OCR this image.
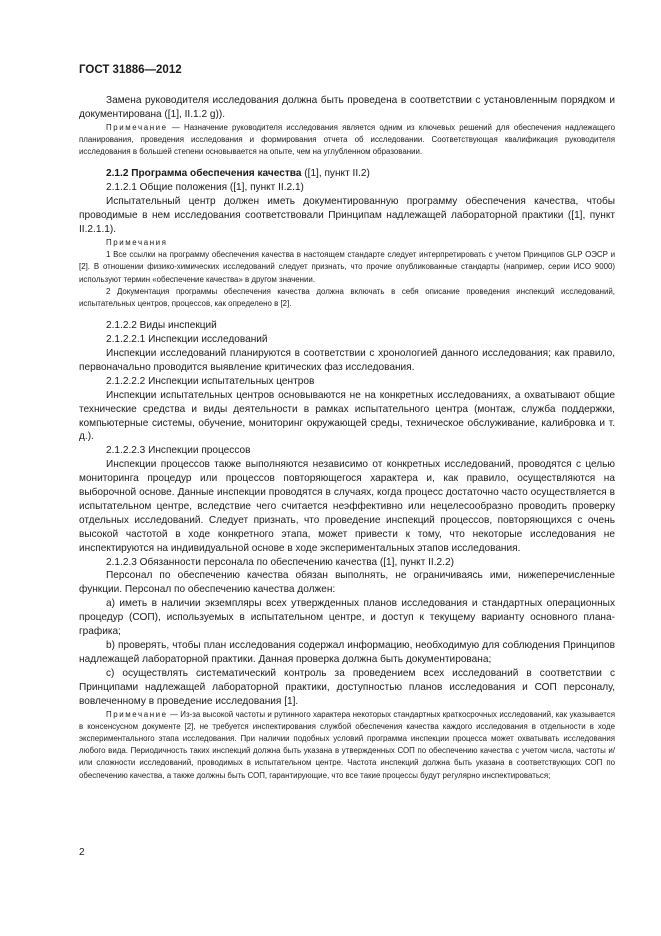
ГОСТ 31886—2012

Замена руководителя исследования должна быть проведена в соответствии с установленным порядком и документирована ([1], II.1.2 g)).

Примечание — Назначение руководителя исследования является одним из ключевых решений для обеспечения надлежащего планирования, проведения исследования и формирования отчета об исследовании. Соответствующая квалификация руководителя исследования в большей степени основывается на опыте, чем на углубленном образовании.

2.1.2 Программа обеспечения качества ([1], пункт II.2)

2.1.2.1 Общие положения ([1], пункт II.2.1)

Испытательный центр должен иметь документированную программу обеспечения качества, чтобы проводимые в нем исследования соответствовали Принципам надлежащей лабораторной практики ([1], пункт II.2.1.1).

Примечания

1 Все ссылки на программу обеспечения качества в настоящем стандарте следует интерпретировать с учетом Принципов GLP ОЭСР и [2]. В отношении физико-химических исследований следует признать, что прочие опубликованные стандарты (например, серии ИСО 9000) используют термин «обеспечение качества» в другом значении.

2 Документация программы обеспечения качества должна включать в себя описание проведения инспекций исследований, испытательных центров, процессов, как определено в [2].

2.1.2.2 Виды инспекций

2.1.2.2.1 Инспекции исследований

Инспекции исследований планируются в соответствии с хронологией данного исследования; как правило, первоначально проводится выявление критических фаз исследования.

2.1.2.2.2 Инспекции испытательных центров

Инспекции испытательных центров основываются не на конкретных исследованиях, а охватывают общие технические средства и виды деятельности в рамках испытательного центра (монтаж, служба поддержки, компьютерные системы, обучение, мониторинг окружающей среды, техническое обслуживание, калибровка и т. д.).

2.1.2.2.3 Инспекции процессов

Инспекции процессов также выполняются независимо от конкретных исследований, проводятся с целью мониторинга процедур или процессов повторяющегося характера и, как правило, осуществляются на выборочной основе. Данные инспекции проводятся в случаях, когда процесс достаточно часто осуществляется в испытательном центре, вследствие чего считается неэффективно или нецелесообразно проводить проверку отдельных исследований. Следует признать, что проведение инспекций процессов, повторяющихся с очень высокой частотой в ходе конкретного этапа, может привести к тому, что некоторые исследования не инспектируются на индивидуальной основе в ходе экспериментальных этапов исследования.

2.1.2.3 Обязанности персонала по обеспечению качества ([1], пункт II.2.2)

Персонал по обеспечению качества обязан выполнять, не ограничиваясь ими, нижеперечисленные функции. Персонал по обеспечению качества должен:

a) иметь в наличии экземпляры всех утвержденных планов исследования и стандартных операционных процедур (СОП), используемых в испытательном центре, и доступ к текущему варианту основного плана-графика;

b) проверять, чтобы план исследования содержал информацию, необходимую для соблюдения Принципов надлежащей лабораторной практики. Данная проверка должна быть документирована;

c) осуществлять систематический контроль за проведением всех исследований в соответствии с Принципами надлежащей лабораторной практики, доступностью планов исследования и СОП персоналу, вовлеченному в проведение исследования [1].

Примечание — Из-за высокой частоты и рутинного характера некоторых стандартных краткосрочных исследований, как указывается в консенсусном документе [2], не требуется инспектирования службой обеспечения качества каждого исследования в отдельности в ходе экспериментального этапа исследования. При наличии подобных условий программа инспекции процесса может охватывать исследования любого вида. Периодичность таких инспекций должна быть указана в утвержденных СОП по обеспечению качества с учетом числа, частоты и/или сложности исследований, проводимых в испытательном центре. Частота инспекций должна быть указана в соответствующих СОП по обеспечению качества, а также должны быть СОП, гарантирующие, что все такие процессы будут регулярно инспектироваться;

2
